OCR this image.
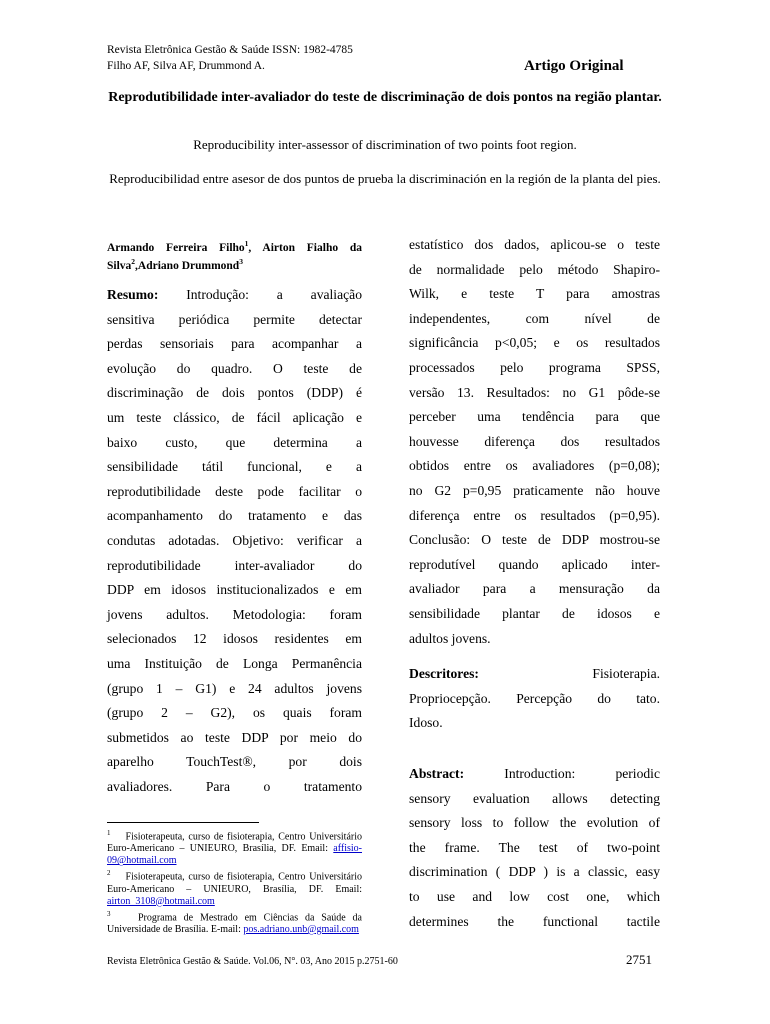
Revista Eletrônica Gestão & Saúde ISSN: 1982-4785
Filho AF, Silva AF, Drummond A.	Artigo Original
Reprodutibilidade inter-avaliador do teste de discriminação de dois pontos na região plantar.
Reproducibility inter-assessor of discrimination of two points foot region.
Reproducibilidad entre asesor de dos puntos de prueba la discriminación en la región de la planta del pies.
Armando Ferreira Filho$^1$, Airton Fialho da Silva$^2$,Adriano Drummond$^3$
Resumo: Introdução: a avaliação
sensitiva periódica permite detectar
perdas sensoriais para acompanhar a
evolução do quadro. O teste de
discriminação de dois pontos (DDP) é
um teste clássico, de fácil aplicação e
baixo custo, que determina a
sensibilidade tátil funcional, e a
reprodutibilidade deste pode facilitar o
acompanhamento do tratamento e das
condutas adotadas. Objetivo: verificar a
reprodutibilidade inter-avaliador do
DDP em idosos institucionalizados e em
jovens adultos. Metodologia: foram
selecionados 12 idosos residentes em
uma Instituição de Longa Permanência
(grupo 1 – G1) e 24 adultos jovens
(grupo 2 – G2), os quais foram
submetidos ao teste DDP por meio do
aparelho TouchTest®, por dois
avaliadores. Para o tratamento
estatístico dos dados, aplicou-se o teste
de normalidade pelo método Shapiro-
Wilk, e teste T para amostras
independentes, com nível de
significância p<0,05; e os resultados
processados pelo programa SPSS,
versão 13. Resultados: no G1 pôde-se
perceber uma tendência para que
houvesse diferença dos resultados
obtidos entre os avaliadores (p=0,08);
no G2 p=0,95 praticamente não houve
diferença entre os resultados (p=0,95).
Conclusão: O teste de DDP mostrou-se
reprodutível quando aplicado inter-
avaliador para a mensuração da
sensibilidade plantar de idosos e
adultos jovens.
Descritores:	Fisioterapia.
Propriocepção. Percepção do tato.
Idoso.
Abstract:	Introduction: periodic
sensory evaluation allows detecting
sensory loss to follow the evolution of
the frame. The test of two-point
discrimination ( DDP ) is a classic, easy
to use and low cost one, which
determines the functional tactile
$^1$ Fisioterapeuta, curso de fisioterapia, Centro Universitário Euro-Americano – UNIEURO, Brasília, DF. Email: affisio-09@hotmail.com
$^2$ Fisioterapeuta, curso de fisioterapia, Centro Universitário Euro-Americano – UNIEURO, Brasília, DF. Email: airton_3108@hotmail.com
$^3$	Programa de Mestrado em Ciências da Saúde da Universidade de Brasília. E-mail: pos.adriano.unb@gmail.com
Revista Eletrônica Gestão & Saúde. Vol.06, N°. 03, Ano 2015 p.2751-60	2751
